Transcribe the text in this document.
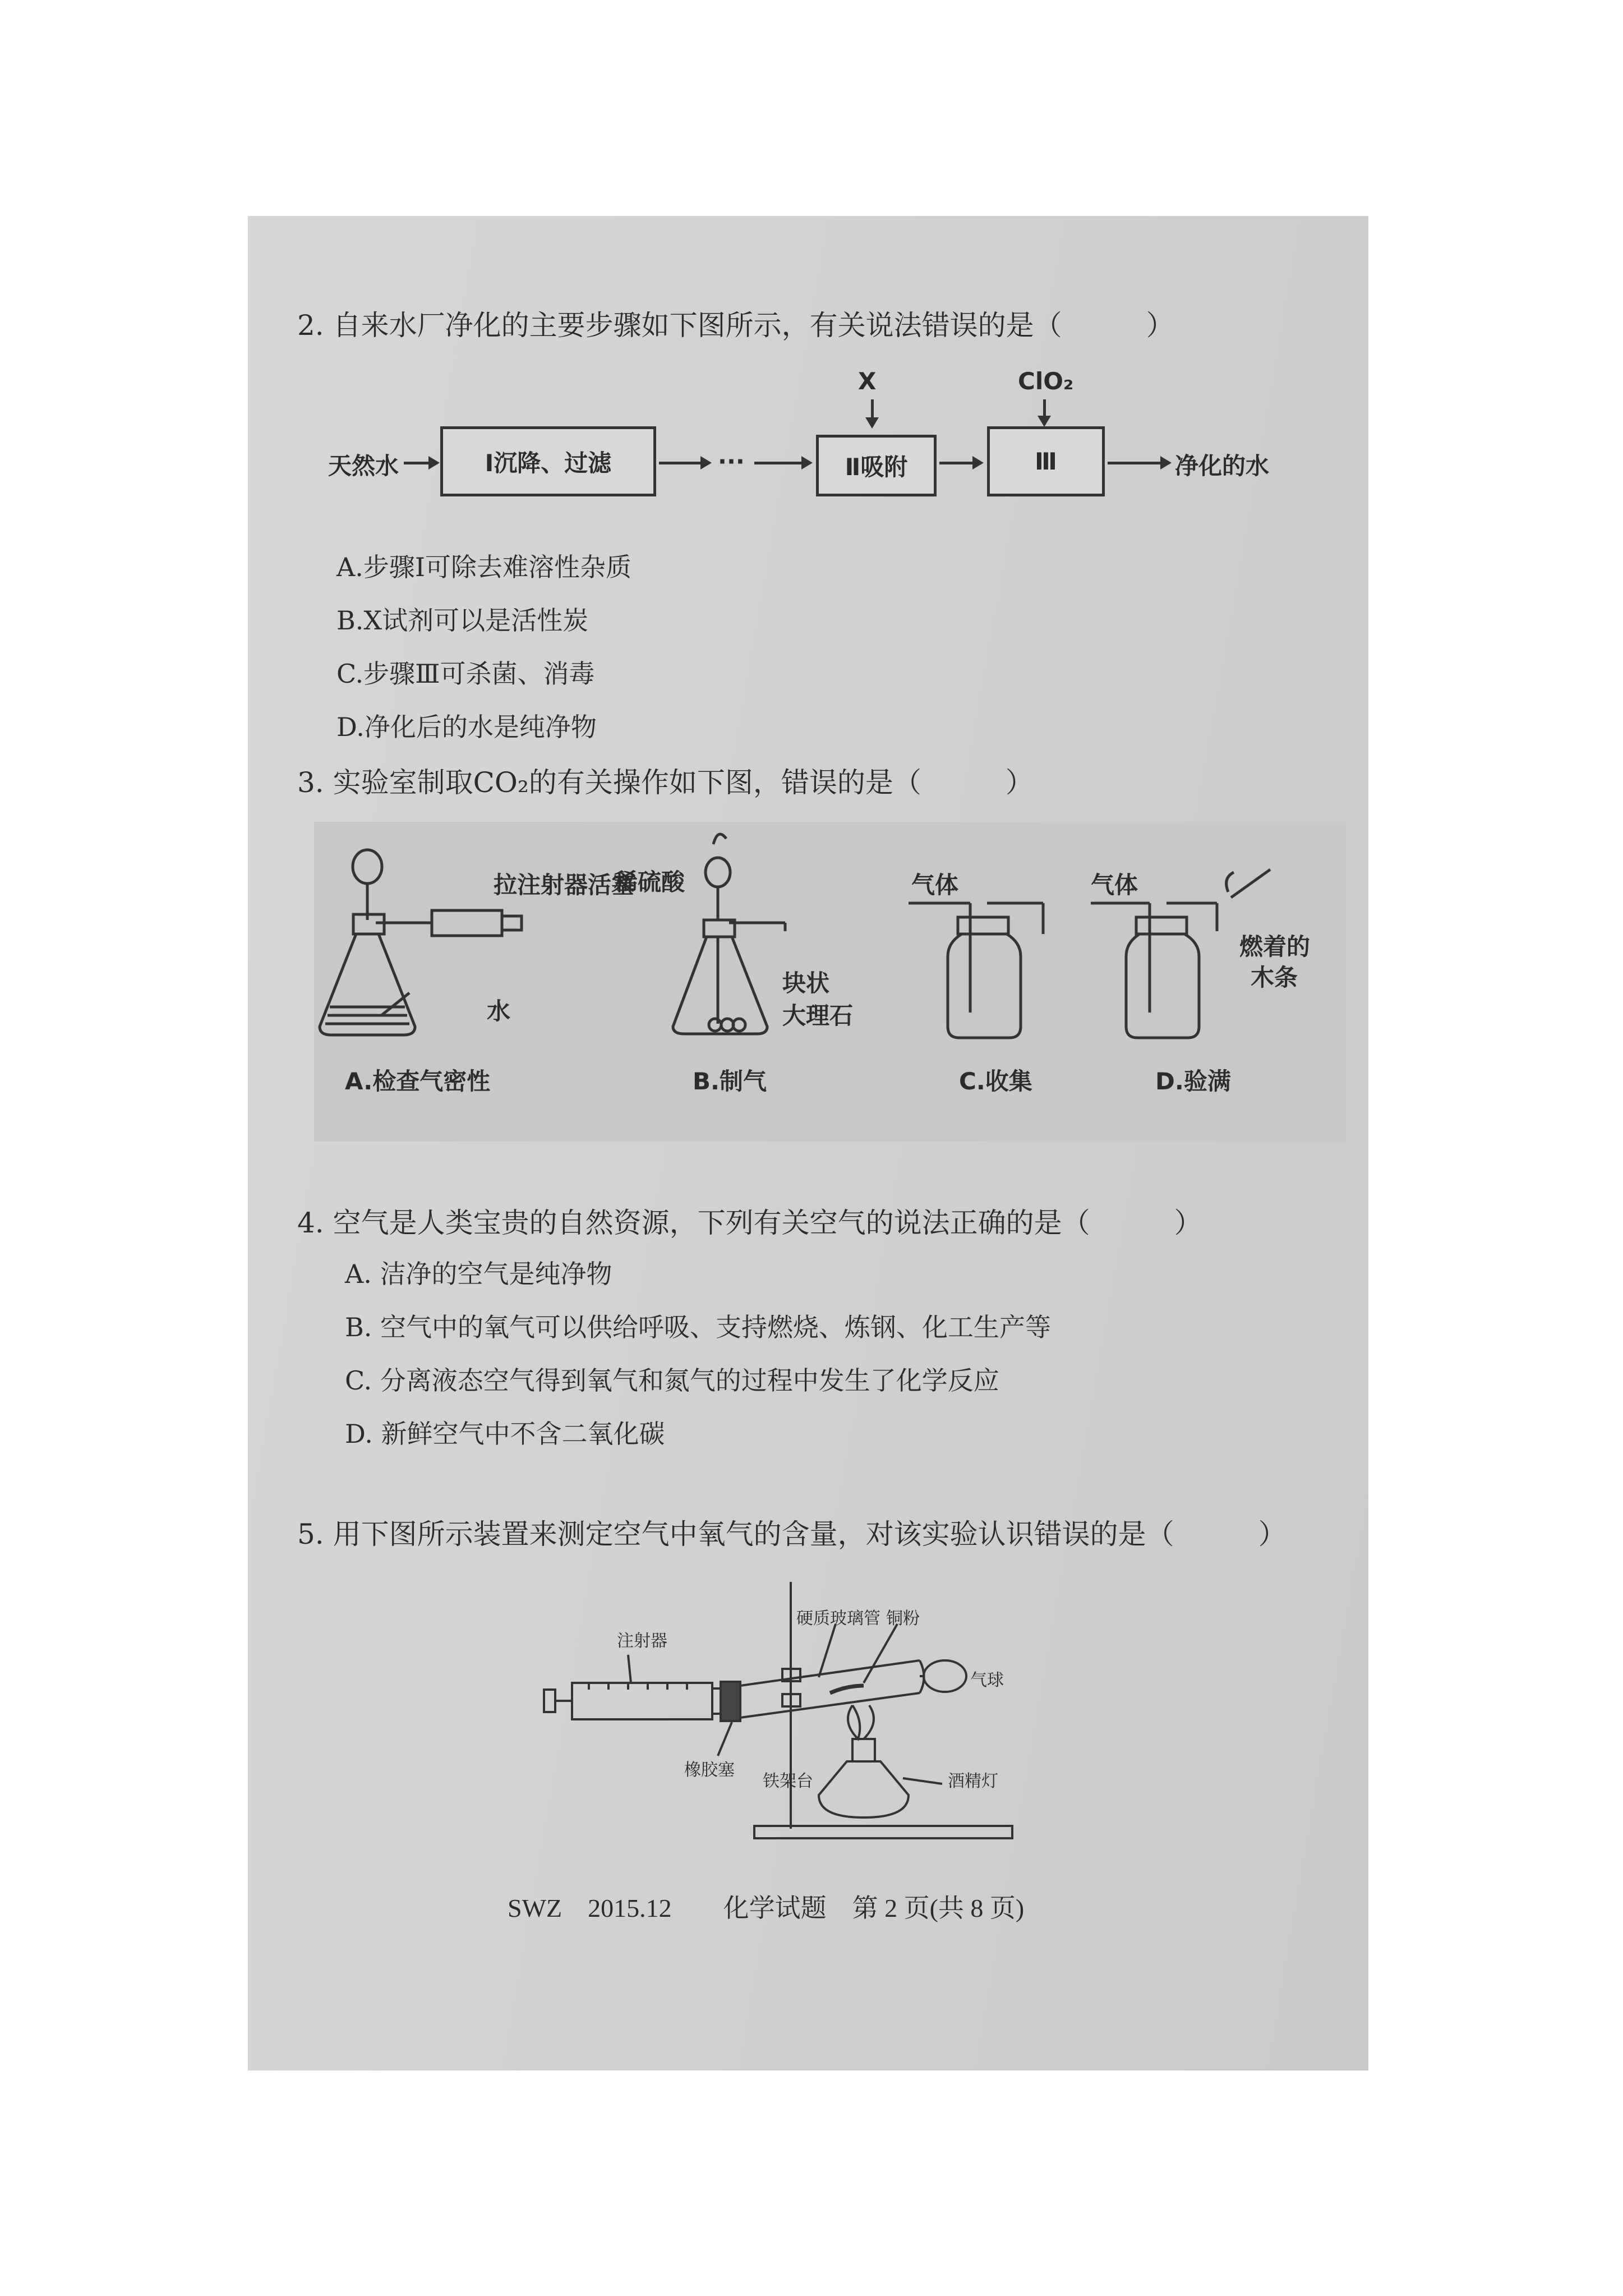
2. 自来水厂净化的主要步骤如下图所示，有关说法错误的是（　　　）
天然水	Ⅰ沉降、过滤	···	Ⅱ吸附
X
Ⅲ
ClO₂
净化的水
A.步骤Ⅰ可除去难溶性杂质
B.X试剂可以是活性炭
C.步骤Ⅲ可杀菌、消毒
D.净化后的水是纯净物
3. 实验室制取CO₂的有关操作如下图，错误的是（　　　）
拉注射器活塞
水
稀硫酸
块状
大理石
气体	气体
燃着的
木条
A.检查气密性	B.制气	C.收集	D.验满
4. 空气是人类宝贵的自然资源，下列有关空气的说法正确的是（　　　）
A. 洁净的空气是纯净物
B. 空气中的氧气可以供给呼吸、支持燃烧、炼钢、化工生产等
C. 分离液态空气得到氧气和氮气的过程中发生了化学反应
D. 新鲜空气中不含二氧化碳
5. 用下图所示装置来测定空气中氧气的含量，对该实验认识错误的是（　　　）
注射器
硬质玻璃管 铜粉
气球
橡胶塞
铁架台	酒精灯
SWZ　2015.12　　化学试题　第 2 页(共 8 页)
